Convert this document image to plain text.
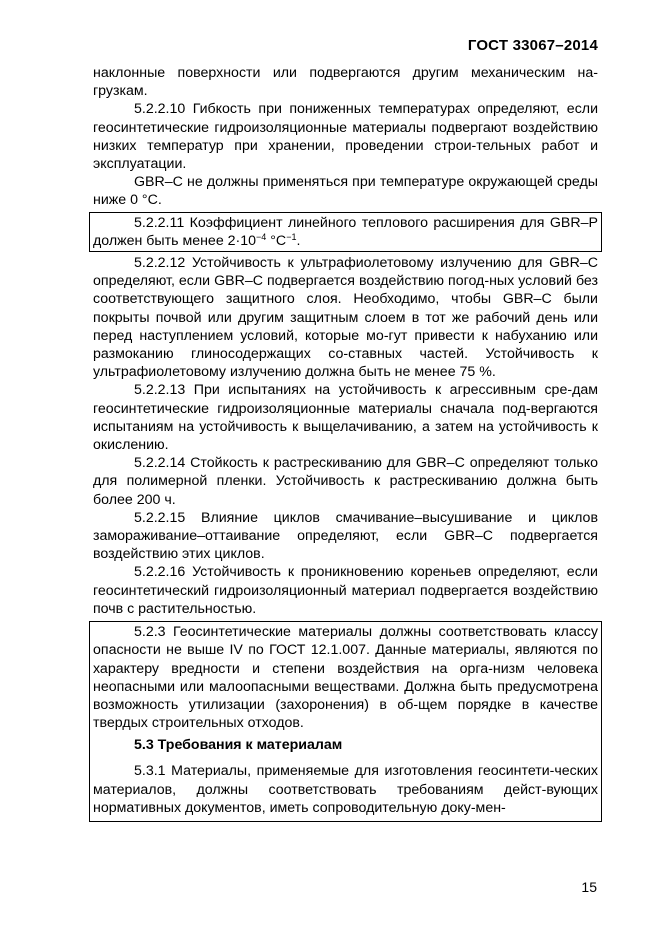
ГОСТ 33067–2014

наклонные поверхности или подвергаются другим механическим на-грузкам.

5.2.2.10 Гибкость при пониженных температурах определяют, если геосинтетические гидроизоляционные материалы подвергают воздействию низких температур при хранении, проведении строи-тельных работ и эксплуатации.

GBR–C не должны применяться при температуре окружающей среды ниже 0 °C.

5.2.2.11 Коэффициент линейного теплового расширения для GBR–P должен быть менее $2\cdot 10^{-4}$ $^\circ С^{-1}$.

5.2.2.12 Устойчивость к ультрафиолетовому излучению для GBR–C определяют, если GBR–C подвергается воздействию погод-ных условий без соответствующего защитного слоя. Необходимо, чтобы GBR–C были покрыты почвой или другим защитным слоем в тот же рабочий день или перед наступлением условий, которые мо-гут привести к набуханию или размоканию глиносодержащих со-ставных частей. Устойчивость к ультрафиолетовому излучению должна быть не менее 75 %.

5.2.2.13 При испытаниях на устойчивость к агрессивным сре-дам геосинтетические гидроизоляционные материалы сначала под-вергаются испытаниям на устойчивость к выщелачиванию, а затем на устойчивость к окислению.

5.2.2.14 Стойкость к растрескиванию для GBR–C определяют только для полимерной пленки. Устойчивость к растрескиванию должна быть более 200 ч.

5.2.2.15 Влияние циклов смачивание–высушивание и циклов замораживание–оттаивание определяют, если GBR–C подвергается воздействию этих циклов.

5.2.2.16 Устойчивость к проникновению кореньев определяют, если геосинтетический гидроизоляционный материал подвергается воздействию почв с растительностью.

5.2.3 Геосинтетические материалы должны соответствовать классу опасности не выше IV по ГОСТ 12.1.007. Данные материалы, являются по характеру вредности и степени воздействия на орга-низм человека неопасными или малоопасными веществами. Должна быть предусмотрена возможность утилизации (захоронения) в об-щем порядке в качестве твердых строительных отходов.

5.3 Требования к материалам

5.3.1 Материалы, применяемые для изготовления геосинтети-ческих материалов, должны соответствовать требованиям дейст-вующих нормативных документов, иметь сопроводительную доку-мен-

15
